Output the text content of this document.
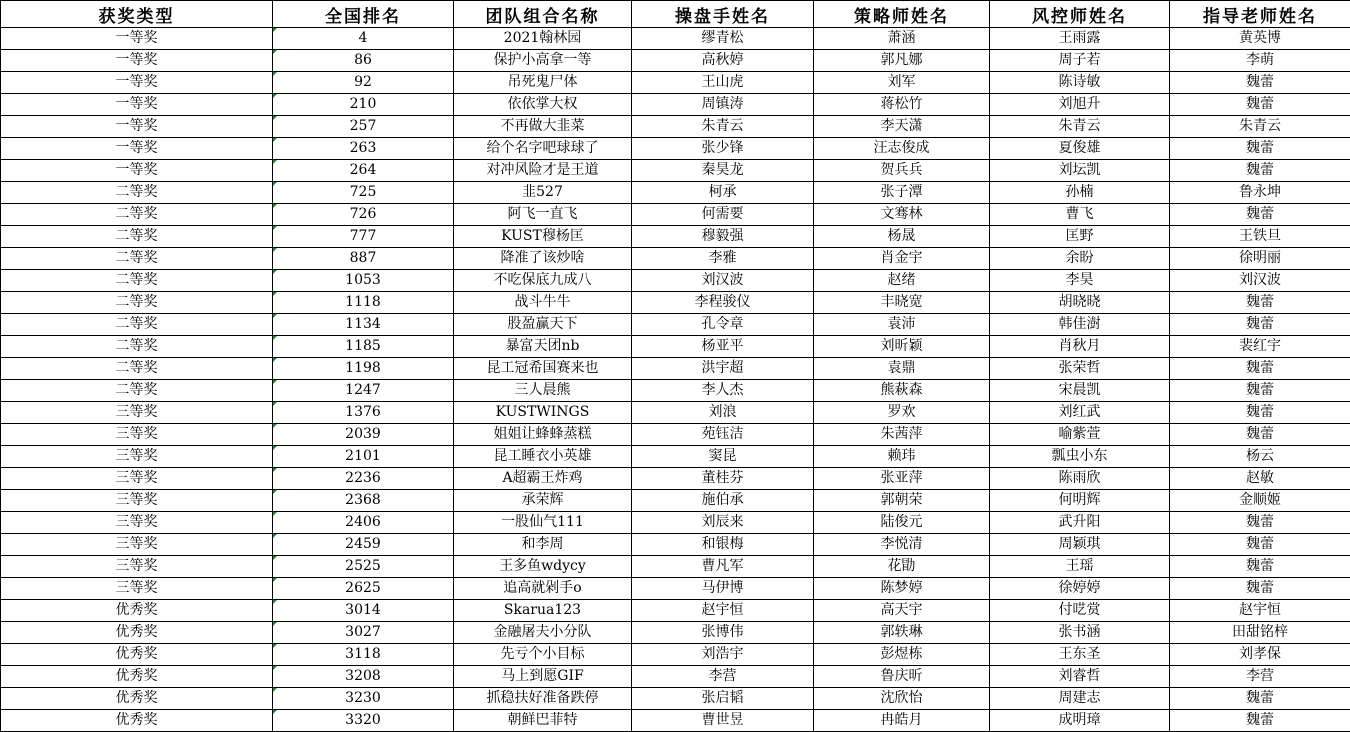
获奖类型	全国排名	团队组合名称	操盘手姓名	策略师姓名	风控师姓名	指导老师姓名
一等奖	4	2021翰林园	缪青松	萧涵	王雨露	黄英博
一等奖	86	保护小高拿一等	高秋婷	郭凡娜	周子若	李萌
一等奖	92	吊死鬼尸体	王山虎	刘军	陈诗敏	魏蕾
一等奖	210	依依掌大权	周镇涛	蒋松竹	刘旭升	魏蕾
一等奖	257	不再做大韭菜	朱青云	李天潇	朱青云	朱青云
一等奖	263	给个名字吧球球了	张少锋	汪志俊成	夏俊雄	魏蕾
一等奖	264	对冲风险才是王道	秦昊龙	贺兵兵	刘坛凯	魏蕾
二等奖	725	韭527	柯承	张子潭	孙楠	鲁永坤
二等奖	726	阿飞一直飞	何需要	文骞林	曹飞	魏蕾
二等奖	777	KUST穆杨匡	穆毅强	杨晟	匡野	王铁旦
二等奖	887	降准了该炒啥	李雅	肖金宇	余盼	徐明丽
二等奖	1053	不吃保底九成八	刘汉波	赵绪	李昊	刘汉波
二等奖	1118	战斗牛牛	李程骏仪	丰晓宽	胡晓晓	魏蕾
二等奖	1134	股盈赢天下	孔令章	袁沛	韩佳澍	魏蕾
二等奖	1185	暴富天团nb	杨亚平	刘昕颖	肖秋月	裴红宇
二等奖	1198	昆工冠希国赛来也	洪宇超	袁鼎	张荣哲	魏蕾
二等奖	1247	三人晨熊	李人杰	熊萩森	宋晨凯	魏蕾
三等奖	1376	KUSTWINGS	刘浪	罗欢	刘红武	魏蕾
三等奖	2039	姐姐让蜂蜂蒸糕	苑钰洁	朱茜萍	喻紫萱	魏蕾
三等奖	2101	昆工睡衣小英雄	窦昆	赖玮	瓢虫小东	杨云
三等奖	2236	A超霸王炸鸡	董桂芬	张亚萍	陈雨欣	赵敏
三等奖	2368	承荣辉	施伯承	郭朝荣	何明辉	金顺姬
三等奖	2406	一股仙气111	刘辰来	陆俊元	武升阳	魏蕾
三等奖	2459	和李周	和银梅	李悦清	周颖琪	魏蕾
三等奖	2525	王多鱼wdycy	曹凡军	花勖	王瑶	魏蕾
三等奖	2625	追高就剁手o	马伊博	陈梦婷	徐婷婷	魏蕾
优秀奖	3014	Skarua123	赵宇恒	高天宇	付呓赏	赵宇恒
优秀奖	3027	金融屠夫小分队	张博伟	郭轶琳	张书涵	田甜铭梓
优秀奖	3118	先亏个小目标	刘浩宇	彭煜栋	王东圣	刘孝保
优秀奖	3208	马上到愿GIF	李营	鲁庆昕	刘睿哲	李营
优秀奖	3230	抓稳扶好准备跌停	张启韬	沈欣怡	周建志	魏蕾
优秀奖	3320	朝鲜巴菲特	曹世昱	冉皓月	成明璋	魏蕾
